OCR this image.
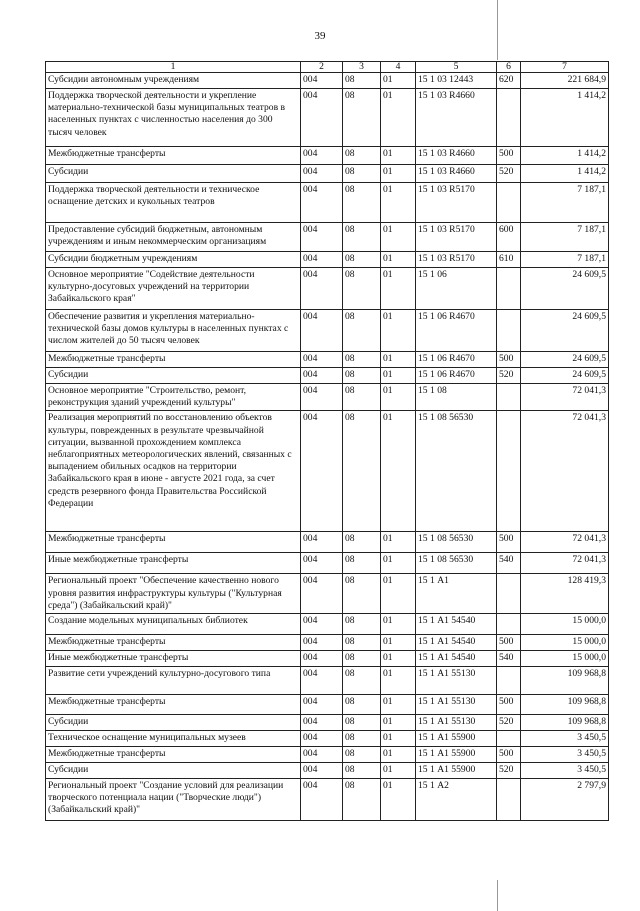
39
1	2	3	4	5	6	7
Субсидии автономным учреждениям	004	08	01	15 1 03 12443	620	221 684,9
Поддержка творческой деятельности и укрепление материально-технической базы муниципальных театров в населенных пунктах с численностью населения до 300 тысяч человек	004	08	01	15 1 03 R4660		1 414,2
Межбюджетные трансферты	004	08	01	15 1 03 R4660	500	1 414,2
Субсидии	004	08	01	15 1 03 R4660	520	1 414,2
Поддержка творческой деятельности и техническое оснащение детских и кукольных театров	004	08	01	15 1 03 R5170		7 187,1
Предоставление субсидий бюджетным, автономным учреждениям и иным некоммерческим организациям	004	08	01	15 1 03 R5170	600	7 187,1
Субсидии бюджетным учреждениям	004	08	01	15 1 03 R5170	610	7 187,1
Основное мероприятие "Содействие деятельности культурно-досуговых учреждений на территории Забайкальского края"	004	08	01	15 1 06		24 609,5
Обеспечение развития и укрепления материально-технической базы домов культуры в населенных пунктах с числом жителей до 50 тысяч человек	004	08	01	15 1 06 R4670		24 609,5
Межбюджетные трансферты	004	08	01	15 1 06 R4670	500	24 609,5
Субсидии	004	08	01	15 1 06 R4670	520	24 609,5
Основное мероприятие "Строительство, ремонт, реконструкция зданий учреждений культуры"	004	08	01	15 1 08		72 041,3
Реализация мероприятий по восстановлению объектов культуры, поврежденных в результате чрезвычайной ситуации, вызванной прохождением комплекса неблагоприятных метеорологических явлений, связанных с выпадением обильных осадков на территории Забайкальского края в июне - августе 2021 года, за счет средств резервного фонда Правительства Российской Федерации	004	08	01	15 1 08 56530		72 041,3
Межбюджетные трансферты	004	08	01	15 1 08 56530	500	72 041,3
Иные межбюджетные трансферты	004	08	01	15 1 08 56530	540	72 041,3
Региональный проект "Обеспечение качественно нового уровня развития инфраструктуры культуры ("Культурная среда") (Забайкальский край)"	004	08	01	15 1 А1		128 419,3
Создание модельных муниципальных библиотек	004	08	01	15 1 А1 54540		15 000,0
Межбюджетные трансферты	004	08	01	15 1 А1 54540	500	15 000,0
Иные межбюджетные трансферты	004	08	01	15 1 А1 54540	540	15 000,0
Развитие сети учреждений культурно-досугового типа	004	08	01	15 1 А1 55130		109 968,8
Межбюджетные трансферты	004	08	01	15 1 А1 55130	500	109 968,8
Субсидии	004	08	01	15 1 А1 55130	520	109 968,8
Техническое оснащение муниципальных музеев	004	08	01	15 1 А1 55900		3 450,5
Межбюджетные трансферты	004	08	01	15 1 А1 55900	500	3 450,5
Субсидии	004	08	01	15 1 А1 55900	520	3 450,5
Региональный проект "Создание условий для реализации творческого потенциала нации ("Творческие люди") (Забайкальский край)"	004	08	01	15 1 А2		2 797,9
